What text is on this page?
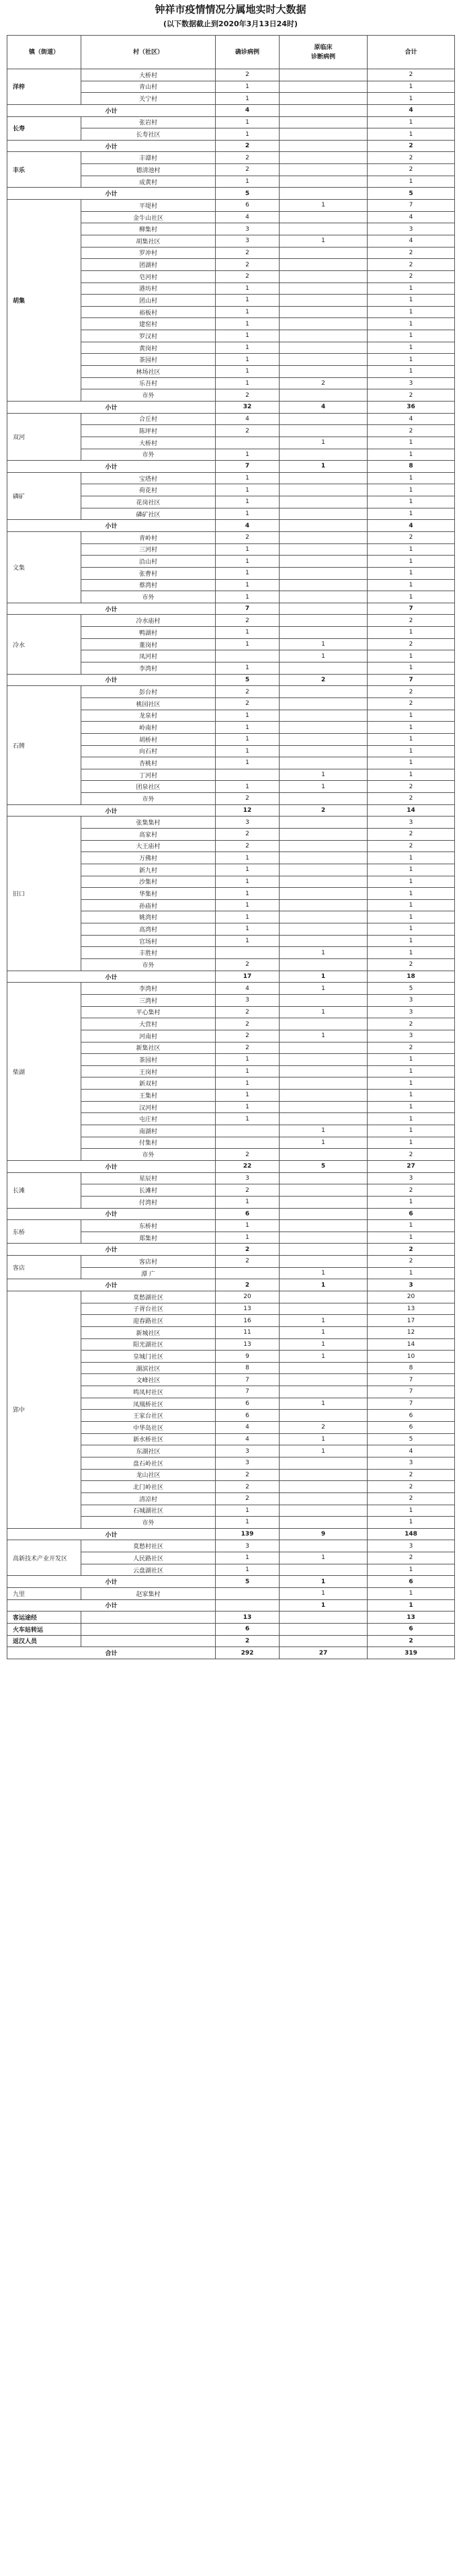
钟祥市疫情情况分属地实时大数据
(以下数据截止到2020年3月13日24时)
镇（街道）	村（社区）	确诊病例	原临床
诊断病例	合计
洋梓	大桥村	2		2
	青山村	1		1
	关宁村	1		1
小计		4		4
长寿	张岩村	1		1
	长寿社区	1		1
小计		2		2
丰乐	丰谭村	2		2
	德清池村	2		2
	成黄村	1		1
小计		5		5
胡集	平堤村	6	1	7
	金牛山社区	4		4
	柳集村	3		3
	胡集社区	3	1	4
	罗冲村	2		2
	团湖村	2		2
	皂河村	2		2
	港坊村	1		1
	团山村	1		1
	裕板村	1		1
	建窑村	1		1
	罗汉村	1		1
	黄岗村	1		1
	茶园村	1		1
	林场社区	1		1
	乐吾村	1	2	3
	市外	2		2
小计		32	4	36
双河	合丘村	4		4
	陈坪村	2		2
	大桥村		1	1
	市外	1		1
小计		7	1	8
磷矿	宝塔村	1		1
	荷花村	1		1
	花岗社区	1		1
	磷矿社区	1		1
小计		4		4
文集	青岭村	2		2
	三河村	1		1
	沿山村	1		1
	张曹村	1		1
	蔡湾村	1		1
	市外	1		1
小计		7		7
冷水	冷水庙村	2		2
	鸭湖村	1		1
	董岗村	1	1	2
	凤河村		1	1
	李湾村	1		1
小计		5	2	7
石牌	彭台村	2		2
	桃园社区	2		2
	龙泉村	1		1
	岭南村	1		1
	胡桥村	1		1
	向石村	1		1
	杏桃村	1		1
	丁河村		1	1
	团泉社区	1	1	2
	市外	2		2
小计		12	2	14
旧口	张集集村	3		3
	高家村	2		2
	大王庙村	2		2
	万佛村	1		1
	新九村	1		1
	沙集村	1		1
	华集村	1		1
	孙庙村	1		1
	姚湾村	1		1
	高湾村	1		1
	官场村	1		1
	丰胜村		1	1
	市外	2		2
小计		17	1	18
柴湖	李湾村	4	1	5
	三湾村	3		3
	平心集村	2	1	3
	大营村	2		2
	河南村	2	1	3
	新集社区	2		2
	茶园村	1		1
	王岗村	1		1
	新双村	1		1
	王集村	1		1
	汉河村	1		1
	屯庄村	1		1
	南湖村		1	1
	付集村		1	1
	市外	2		2
小计		22	5	27
长滩	星辰村	3		3
	长滩村	2		2
	付湾村	1		1
小计		6		6
东桥	东桥村	1		1
	郑集村	1		1
小计		2		2
客店	客店村	2		2
	潭 广		1	1
小计		2	1	3
郢中	莫愁湖社区	20		20
	子胥台社区	13		13
	迎春路社区	16	1	17
	新城社区	11	1	12
	阳光湖社区	13	1	14
	皇城门社区	9	1	10
	湖滨社区	8		8
	文峰社区	7		7
	鸣凤村社区	7		7
	凤凰桥社区	6	1	7
	王家台社区	6		6
	中华岛社区	4	2	6
	新水桥社区	4	1	5
	东湖社区	3	1	4
	盘石岭社区	3		3
	龙山社区	2		2
	北门岭社区	2		2
	清凉村	2		2
	石城湖社区	1		1
	市外	1		1
小计		139	9	148
高新技术产业开发区	莫愁村社区	3		3
	人民路社区	1	1	2
	云盘湖社区	1		1
小计		5	1	6
九里	赵家集村		1	1
小计			1	1
客运途经		13		13
火车站转运		6		6
返汉人员		2		2
合计		292	27	319
